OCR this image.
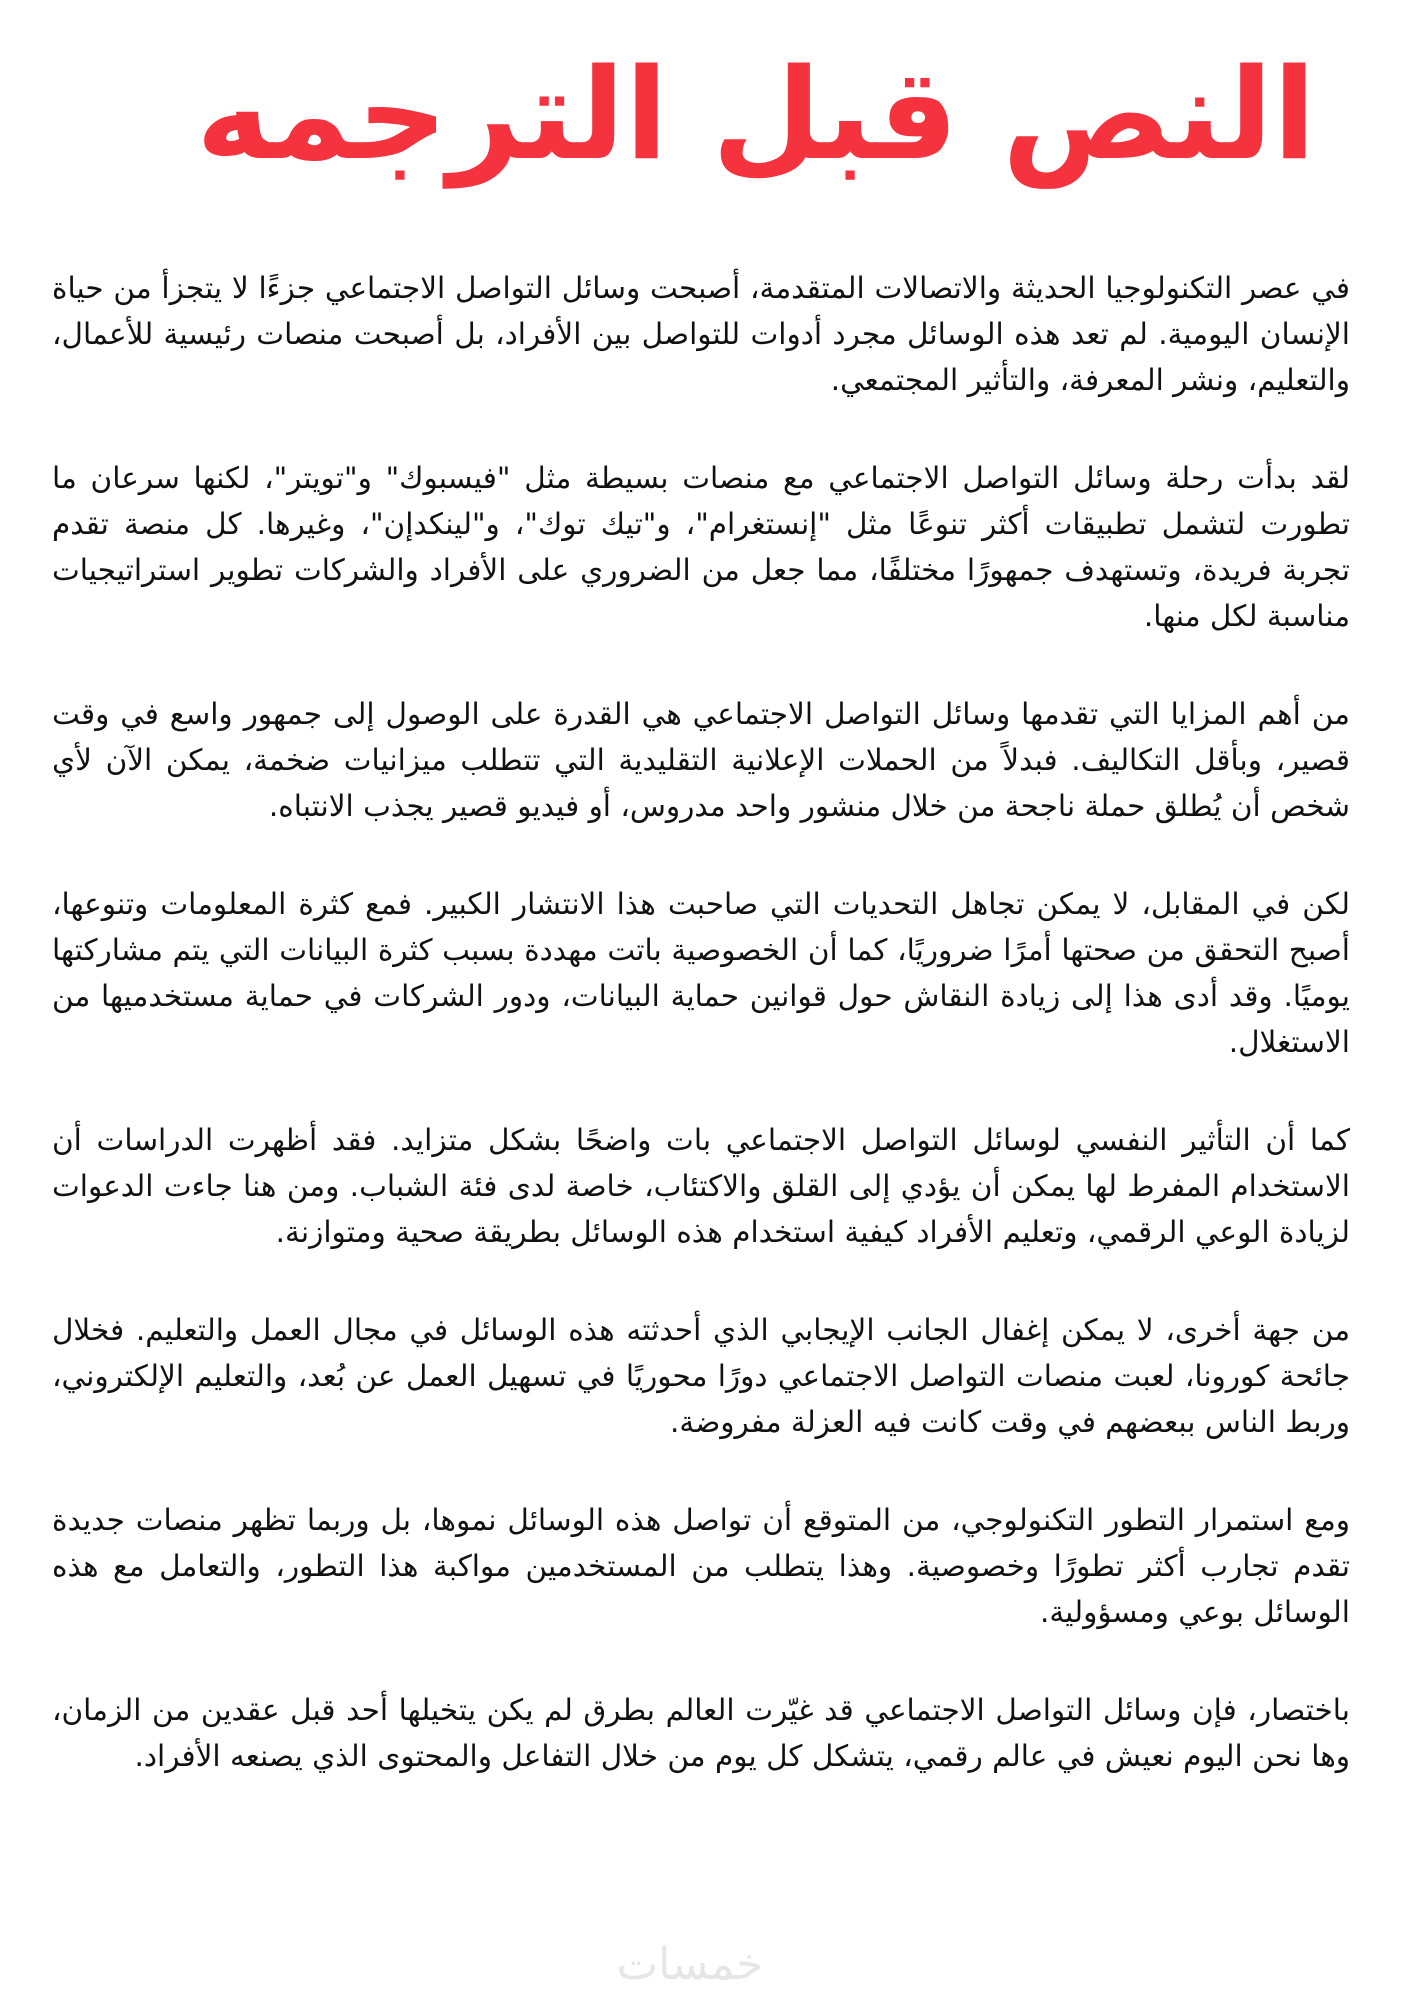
النص قبل الترجمه

في عصر التكنولوجيا الحديثة والاتصالات المتقدمة، أصبحت وسائل التواصل الاجتماعي جزءًا لا يتجزأ من حياة الإنسان اليومية. لم تعد هذه الوسائل مجرد أدوات للتواصل بين الأفراد، بل أصبحت منصات رئيسية للأعمال، والتعليم، ونشر المعرفة، والتأثير المجتمعي.

لقد بدأت رحلة وسائل التواصل الاجتماعي مع منصات بسيطة مثل "فيسبوك" و"تويتر"، لكنها سرعان ما تطورت لتشمل تطبيقات أكثر تنوعًا مثل "إنستغرام"، و"تيك توك"، و"لينكدإن"، وغيرها. كل منصة تقدم تجربة فريدة، وتستهدف جمهورًا مختلفًا، مما جعل من الضروري على الأفراد والشركات تطوير استراتيجيات مناسبة لكل منها.

من أهم المزايا التي تقدمها وسائل التواصل الاجتماعي هي القدرة على الوصول إلى جمهور واسع في وقت قصير، وبأقل التكاليف. فبدلاً من الحملات الإعلانية التقليدية التي تتطلب ميزانيات ضخمة، يمكن الآن لأي شخص أن يُطلق حملة ناجحة من خلال منشور واحد مدروس، أو فيديو قصير يجذب الانتباه.

لكن في المقابل، لا يمكن تجاهل التحديات التي صاحبت هذا الانتشار الكبير. فمع كثرة المعلومات وتنوعها، أصبح التحقق من صحتها أمرًا ضروريًا، كما أن الخصوصية باتت مهددة بسبب كثرة البيانات التي يتم مشاركتها يوميًا. وقد أدى هذا إلى زيادة النقاش حول قوانين حماية البيانات، ودور الشركات في حماية مستخدميها من الاستغلال.

كما أن التأثير النفسي لوسائل التواصل الاجتماعي بات واضحًا بشكل متزايد. فقد أظهرت الدراسات أن الاستخدام المفرط لها يمكن أن يؤدي إلى القلق والاكتئاب، خاصة لدى فئة الشباب. ومن هنا جاءت الدعوات لزيادة الوعي الرقمي، وتعليم الأفراد كيفية استخدام هذه الوسائل بطريقة صحية ومتوازنة.

من جهة أخرى، لا يمكن إغفال الجانب الإيجابي الذي أحدثته هذه الوسائل في مجال العمل والتعليم. فخلال جائحة كورونا، لعبت منصات التواصل الاجتماعي دورًا محوريًا في تسهيل العمل عن بُعد، والتعليم الإلكتروني، وربط الناس ببعضهم في وقت كانت فيه العزلة مفروضة.

ومع استمرار التطور التكنولوجي، من المتوقع أن تواصل هذه الوسائل نموها، بل وربما تظهر منصات جديدة تقدم تجارب أكثر تطورًا وخصوصية. وهذا يتطلب من المستخدمين مواكبة هذا التطور، والتعامل مع هذه الوسائل بوعي ومسؤولية.

باختصار، فإن وسائل التواصل الاجتماعي قد غيّرت العالم بطرق لم يكن يتخيلها أحد قبل عقدين من الزمان، وها نحن اليوم نعيش في عالم رقمي، يتشكل كل يوم من خلال التفاعل والمحتوى الذي يصنعه الأفراد.

خمسات
